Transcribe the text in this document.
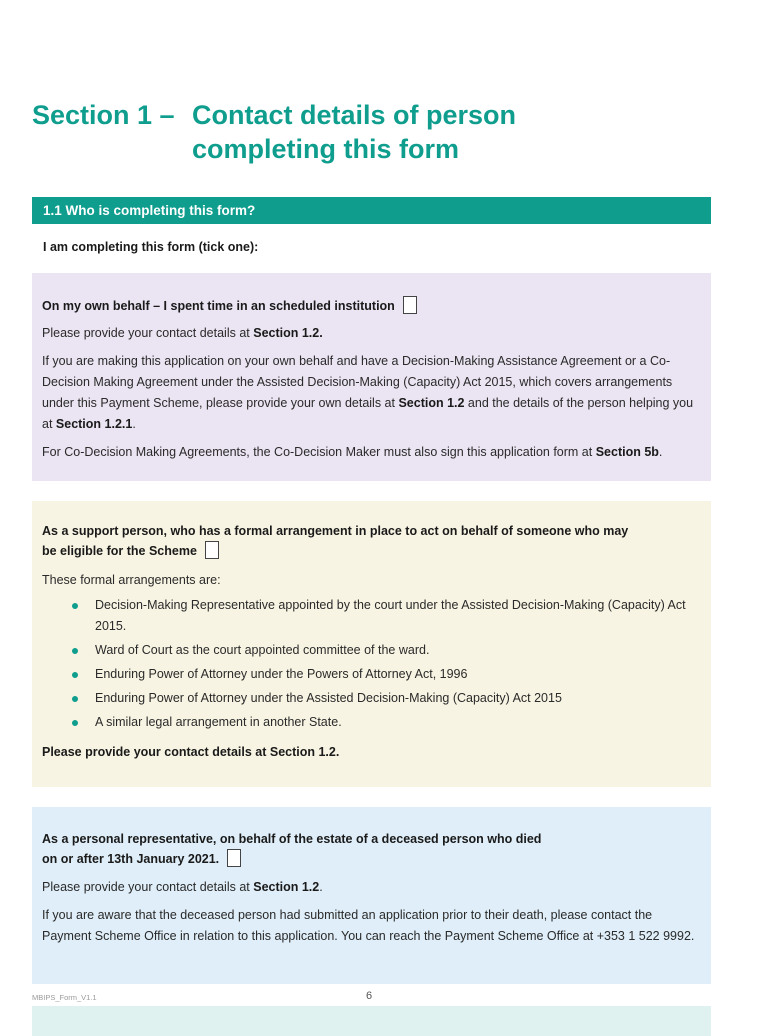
Section 1 – Contact details of person completing this form
1.1 Who is completing this form?
I am completing this form (tick one):
On my own behalf – I spent time in an scheduled institution
Please provide your contact details at Section 1.2.
If you are making this application on your own behalf and have a Decision-Making Assistance Agreement or a Co-Decision Making Agreement under the Assisted Decision-Making (Capacity) Act 2015, which covers arrangements under this Payment Scheme, please provide your own details at Section 1.2 and the details of the person helping you at Section 1.2.1.
For Co-Decision Making Agreements, the Co-Decision Maker must also sign this application form at Section 5b.
As a support person, who has a formal arrangement in place to act on behalf of someone who may
be eligible for the Scheme
These formal arrangements are:
Decision-Making Representative appointed by the court under the Assisted Decision-Making (Capacity) Act 2015.
Ward of Court as the court appointed committee of the ward.
Enduring Power of Attorney under the Powers of Attorney Act, 1996
Enduring Power of Attorney under the Assisted Decision-Making (Capacity) Act 2015
A similar legal arrangement in another State.
Please provide your contact details at Section 1.2.
As a personal representative, on behalf of the estate of a deceased person who died
on or after 13th January 2021.
Please provide your contact details at Section 1.2.
If you are aware that the deceased person had submitted an application prior to their death, please contact the Payment Scheme Office in relation to this application. You can reach the Payment Scheme Office at +353 1 522 9992.
MBIPS_Form_V1.1	6
